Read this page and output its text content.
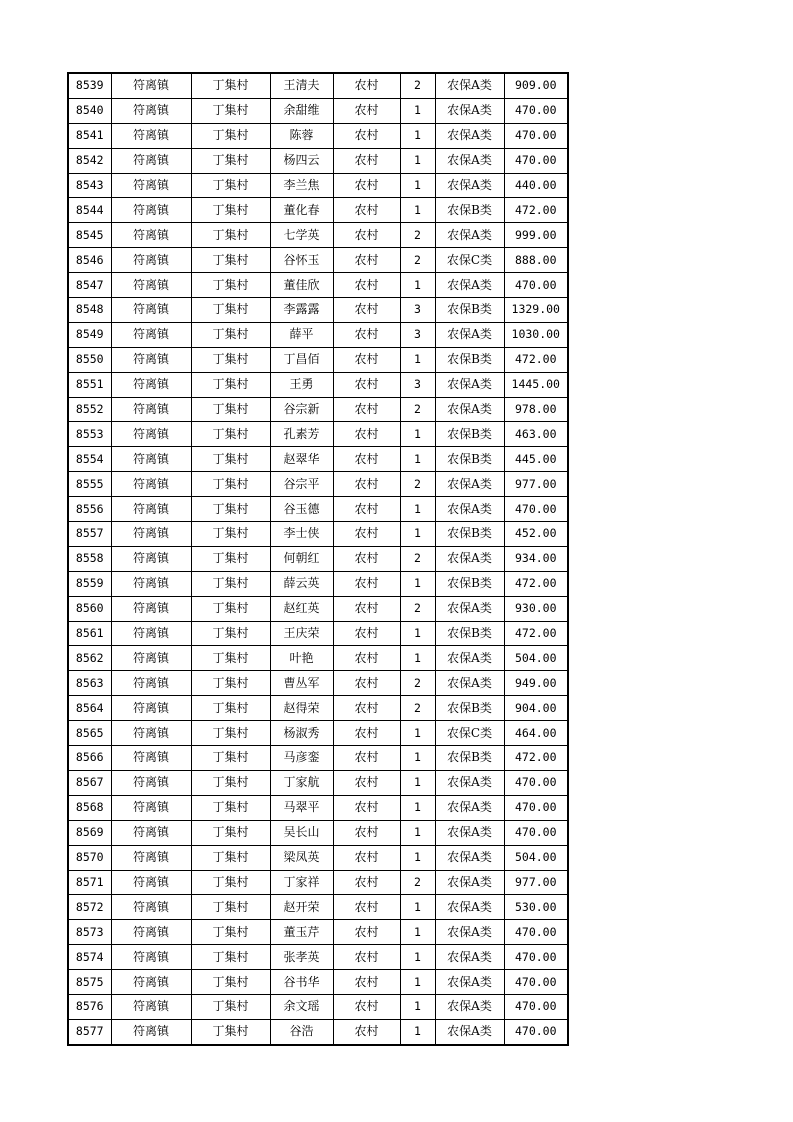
8539	符离镇	丁集村	王清夫	农村	2	农保A类	909.00
8540	符离镇	丁集村	余甜维	农村	1	农保A类	470.00
8541	符离镇	丁集村	陈蓉	农村	1	农保A类	470.00
8542	符离镇	丁集村	杨四云	农村	1	农保A类	470.00
8543	符离镇	丁集村	李兰焦	农村	1	农保A类	440.00
8544	符离镇	丁集村	董化春	农村	1	农保B类	472.00
8545	符离镇	丁集村	七学英	农村	2	农保A类	999.00
8546	符离镇	丁集村	谷怀玉	农村	2	农保C类	888.00
8547	符离镇	丁集村	董佳欣	农村	1	农保A类	470.00
8548	符离镇	丁集村	李露露	农村	3	农保B类	1329.00
8549	符离镇	丁集村	薛平	农村	3	农保A类	1030.00
8550	符离镇	丁集村	丁昌佰	农村	1	农保B类	472.00
8551	符离镇	丁集村	王勇	农村	3	农保A类	1445.00
8552	符离镇	丁集村	谷宗新	农村	2	农保A类	978.00
8553	符离镇	丁集村	孔素芳	农村	1	农保B类	463.00
8554	符离镇	丁集村	赵翠华	农村	1	农保B类	445.00
8555	符离镇	丁集村	谷宗平	农村	2	农保A类	977.00
8556	符离镇	丁集村	谷玉德	农村	1	农保A类	470.00
8557	符离镇	丁集村	李士侠	农村	1	农保B类	452.00
8558	符离镇	丁集村	何朝红	农村	2	农保A类	934.00
8559	符离镇	丁集村	薛云英	农村	1	农保B类	472.00
8560	符离镇	丁集村	赵红英	农村	2	农保A类	930.00
8561	符离镇	丁集村	王庆荣	农村	1	农保B类	472.00
8562	符离镇	丁集村	叶艳	农村	1	农保A类	504.00
8563	符离镇	丁集村	曹丛军	农村	2	农保A类	949.00
8564	符离镇	丁集村	赵得荣	农村	2	农保B类	904.00
8565	符离镇	丁集村	杨淑秀	农村	1	农保C类	464.00
8566	符离镇	丁集村	马彦銮	农村	1	农保B类	472.00
8567	符离镇	丁集村	丁家航	农村	1	农保A类	470.00
8568	符离镇	丁集村	马翠平	农村	1	农保A类	470.00
8569	符离镇	丁集村	吴长山	农村	1	农保A类	470.00
8570	符离镇	丁集村	梁凤英	农村	1	农保A类	504.00
8571	符离镇	丁集村	丁家祥	农村	2	农保A类	977.00
8572	符离镇	丁集村	赵开荣	农村	1	农保A类	530.00
8573	符离镇	丁集村	董玉芹	农村	1	农保A类	470.00
8574	符离镇	丁集村	张孝英	农村	1	农保A类	470.00
8575	符离镇	丁集村	谷书华	农村	1	农保A类	470.00
8576	符离镇	丁集村	余文瑶	农村	1	农保A类	470.00
8577	符离镇	丁集村	谷浩	农村	1	农保A类	470.00
